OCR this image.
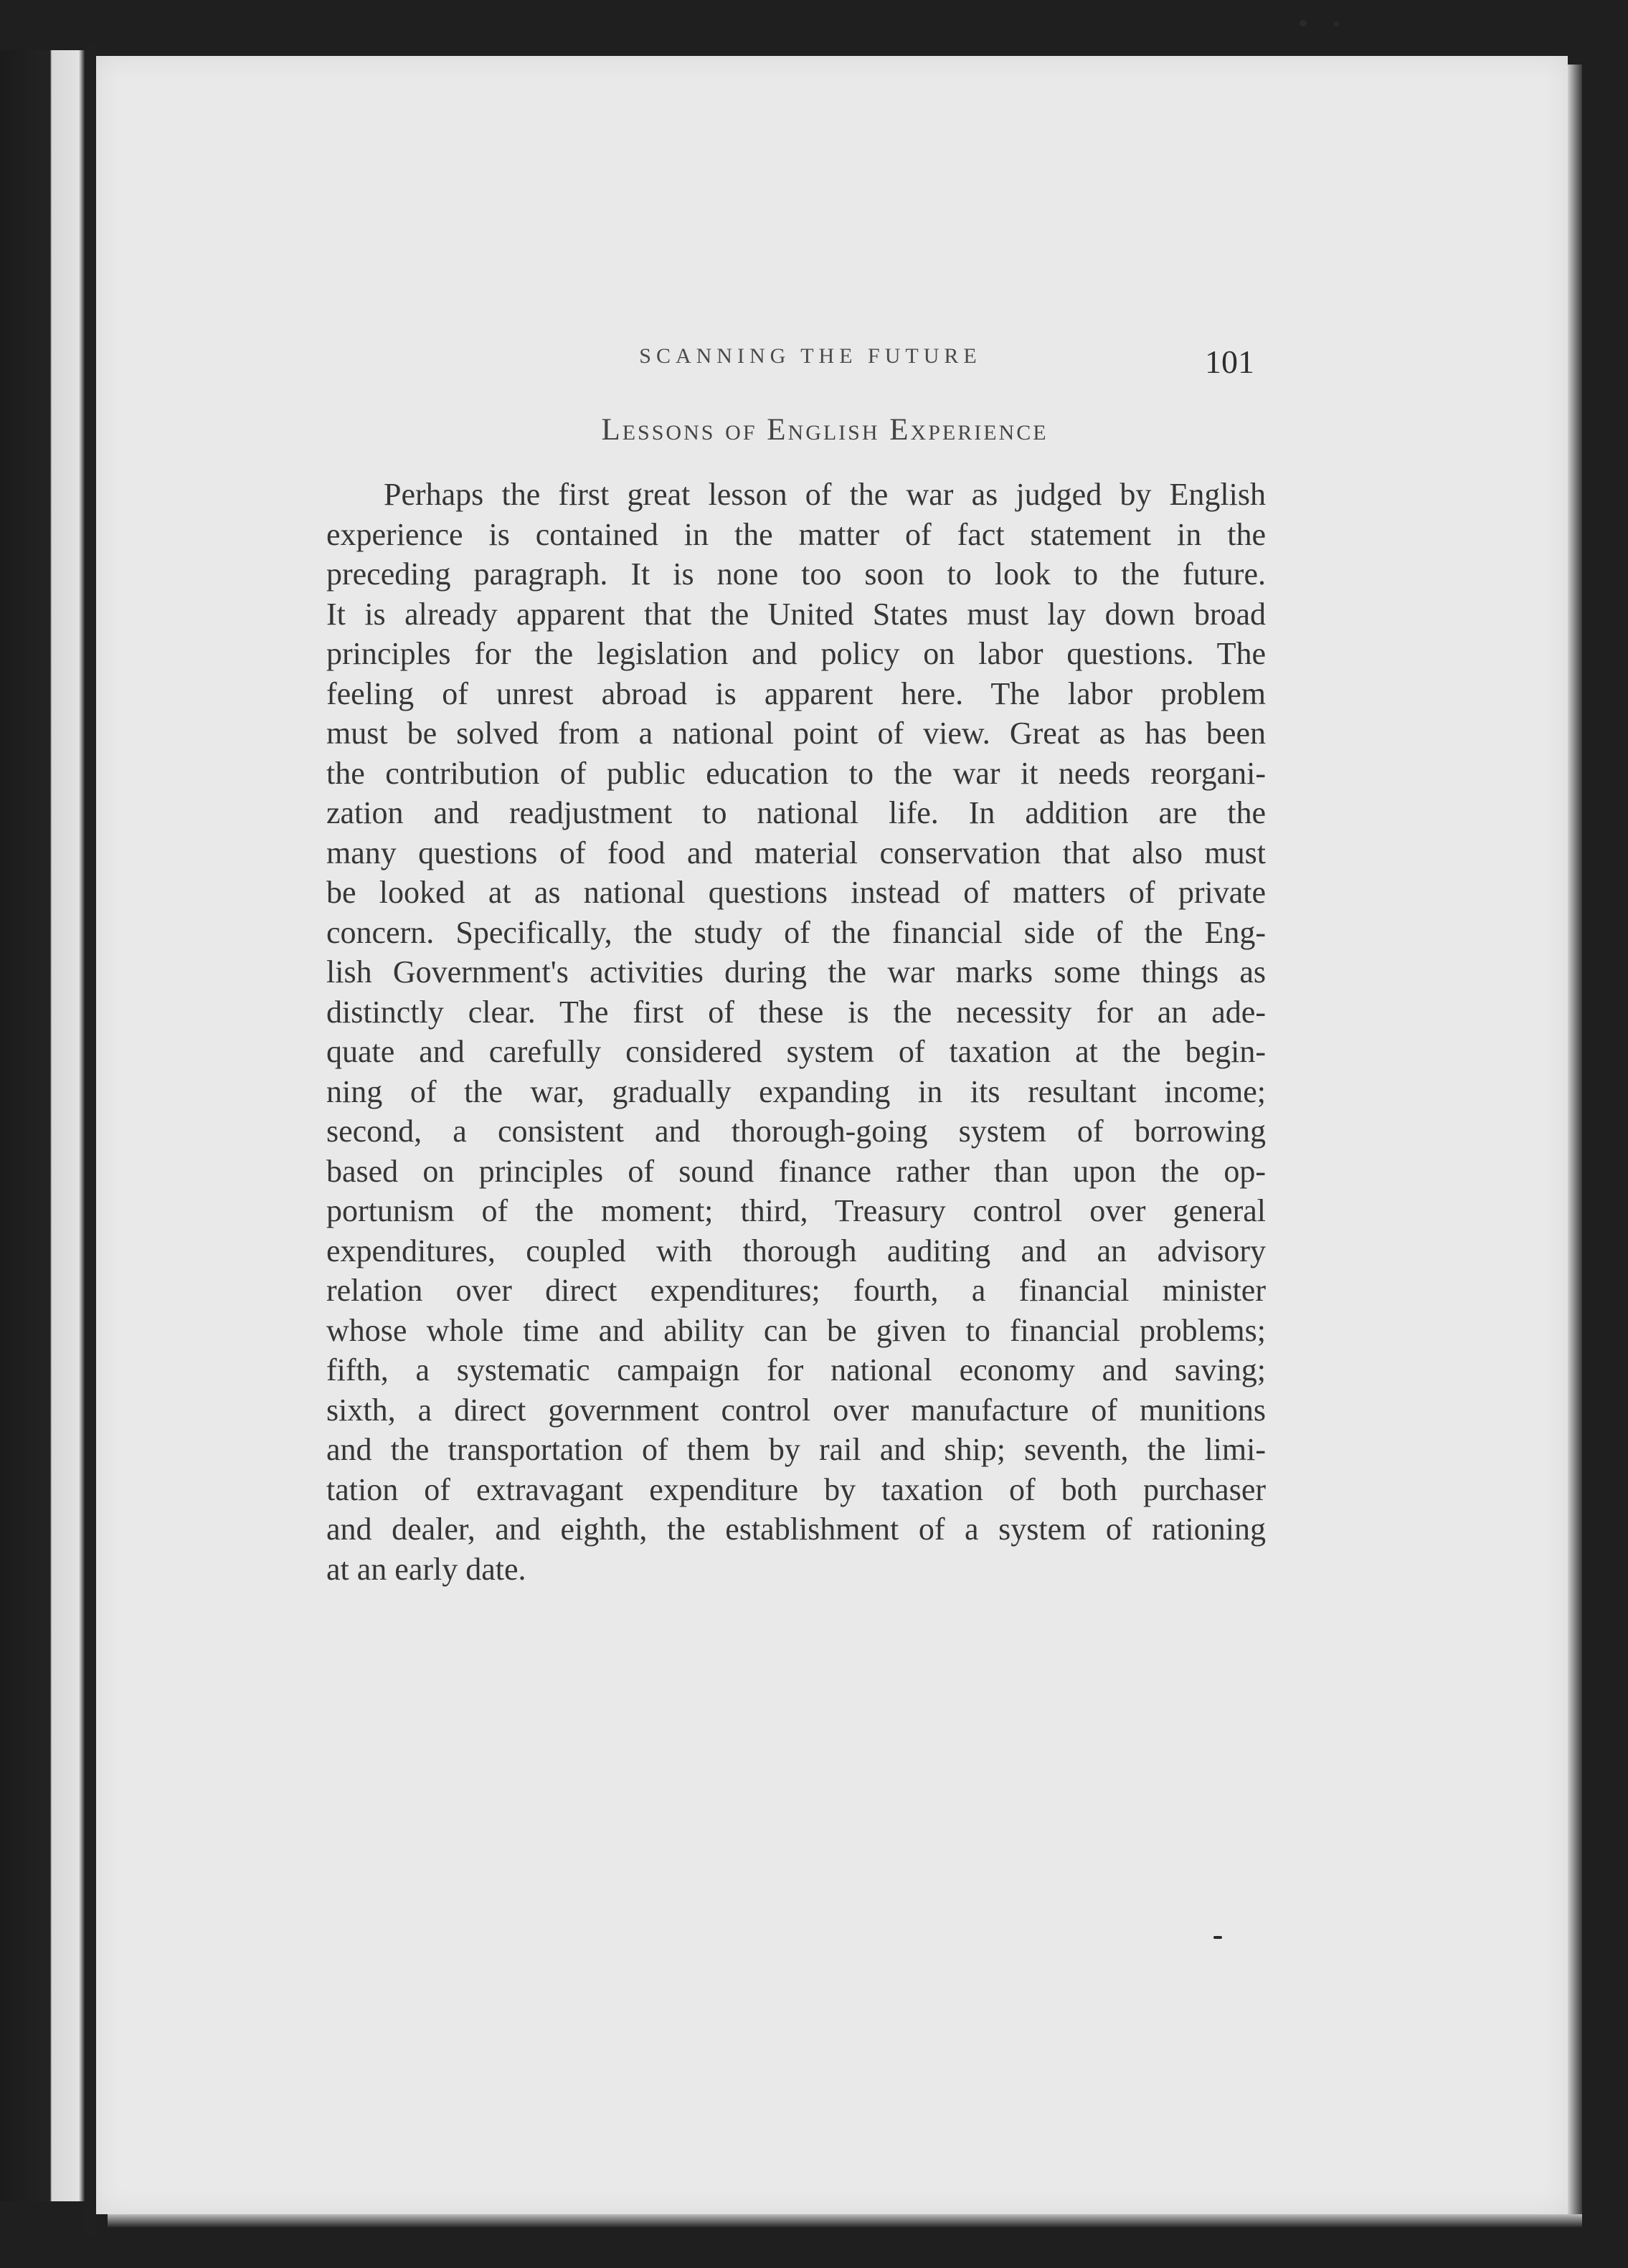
SCANNING THE FUTURE	101
Lessons of English Experience
Perhaps the first great lesson of the war as judged by English
experience is contained in the matter of fact statement in the
preceding paragraph. It is none too soon to look to the future.
It is already apparent that the United States must lay down broad
principles for the legislation and policy on labor questions. The
feeling of unrest abroad is apparent here. The labor problem
must be solved from a national point of view. Great as has been
the contribution of public education to the war it needs reorgani-
zation and readjustment to national life. In addition are the
many questions of food and material conservation that also must
be looked at as national questions instead of matters of private
concern. Specifically, the study of the financial side of the Eng-
lish Government's activities during the war marks some things as
distinctly clear. The first of these is the necessity for an ade-
quate and carefully considered system of taxation at the begin-
ning of the war, gradually expanding in its resultant income;
second, a consistent and thorough-going system of borrowing
based on principles of sound finance rather than upon the op-
portunism of the moment; third, Treasury control over general
expenditures, coupled with thorough auditing and an advisory
relation over direct expenditures; fourth, a financial minister
whose whole time and ability can be given to financial problems;
fifth, a systematic campaign for national economy and saving;
sixth, a direct government control over manufacture of munitions
and the transportation of them by rail and ship; seventh, the limi-
tation of extravagant expenditure by taxation of both purchaser
and dealer, and eighth, the establishment of a system of rationing
at an early date.
